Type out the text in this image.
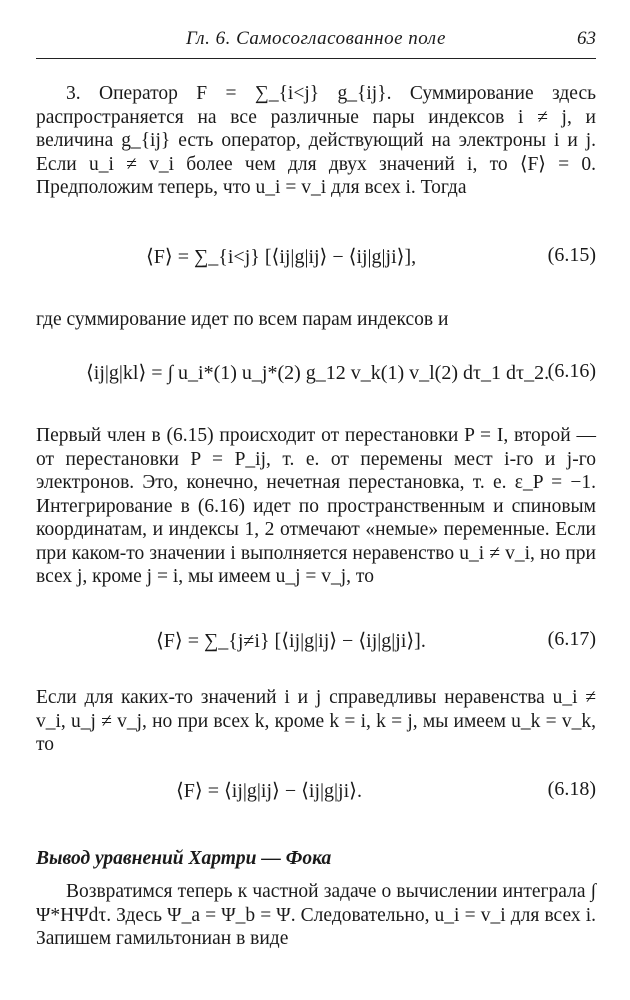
Гл. 6. Самосогласованное поле	63

3. Оператор F = ∑_{i<j} g_{ij}. Суммирование здесь распространяется на все различные пары индексов i ≠ j, и величина g_{ij} есть оператор, действующий на электроны i и j. Если u_i ≠ v_i более чем для двух значений i, то ⟨F⟩ = 0. Предположим теперь, что u_i = v_i для всех i. Тогда

⟨F⟩ = ∑_{i<j} [⟨ij|g|ij⟩ − ⟨ij|g|ji⟩],	(6.15)

где суммирование идет по всем парам индексов и

⟨ij|g|kl⟩ = ∫ u_i*(1) u_j*(2) g_12 v_k(1) v_l(2) dτ_1 dτ_2.
(6.16)

Первый член в (6.15) происходит от перестановки P = I, второй — от перестановки P = P_ij, т. е. от перемены мест i-го и j-го электронов. Это, конечно, нечетная перестановка, т. е. ε_P = −1. Интегрирование в (6.16) идет по пространственным и спиновым координатам, и индексы 1, 2 отмечают «немые» переменные. Если при каком-то значении i выполняется неравенство u_i ≠ v_i, но при всех j, кроме j = i, мы имеем u_j = v_j, то

⟨F⟩ = ∑_{j≠i} [⟨ij|g|ij⟩ − ⟨ij|g|ji⟩].	(6.17)

Если для каких-то значений i и j справедливы неравенства u_i ≠ v_i, u_j ≠ v_j, но при всех k, кроме k = i, k = j, мы имеем u_k = v_k, то

⟨F⟩ = ⟨ij|g|ij⟩ − ⟨ij|g|ji⟩.	(6.18)
Вывод уравнений Хартри — Фока

Возвратимся теперь к частной задаче о вычислении интеграла ∫ Ψ*HΨdτ. Здесь Ψ_a = Ψ_b = Ψ. Следовательно, u_i = v_i для всех i. Запишем гамильтониан в виде
